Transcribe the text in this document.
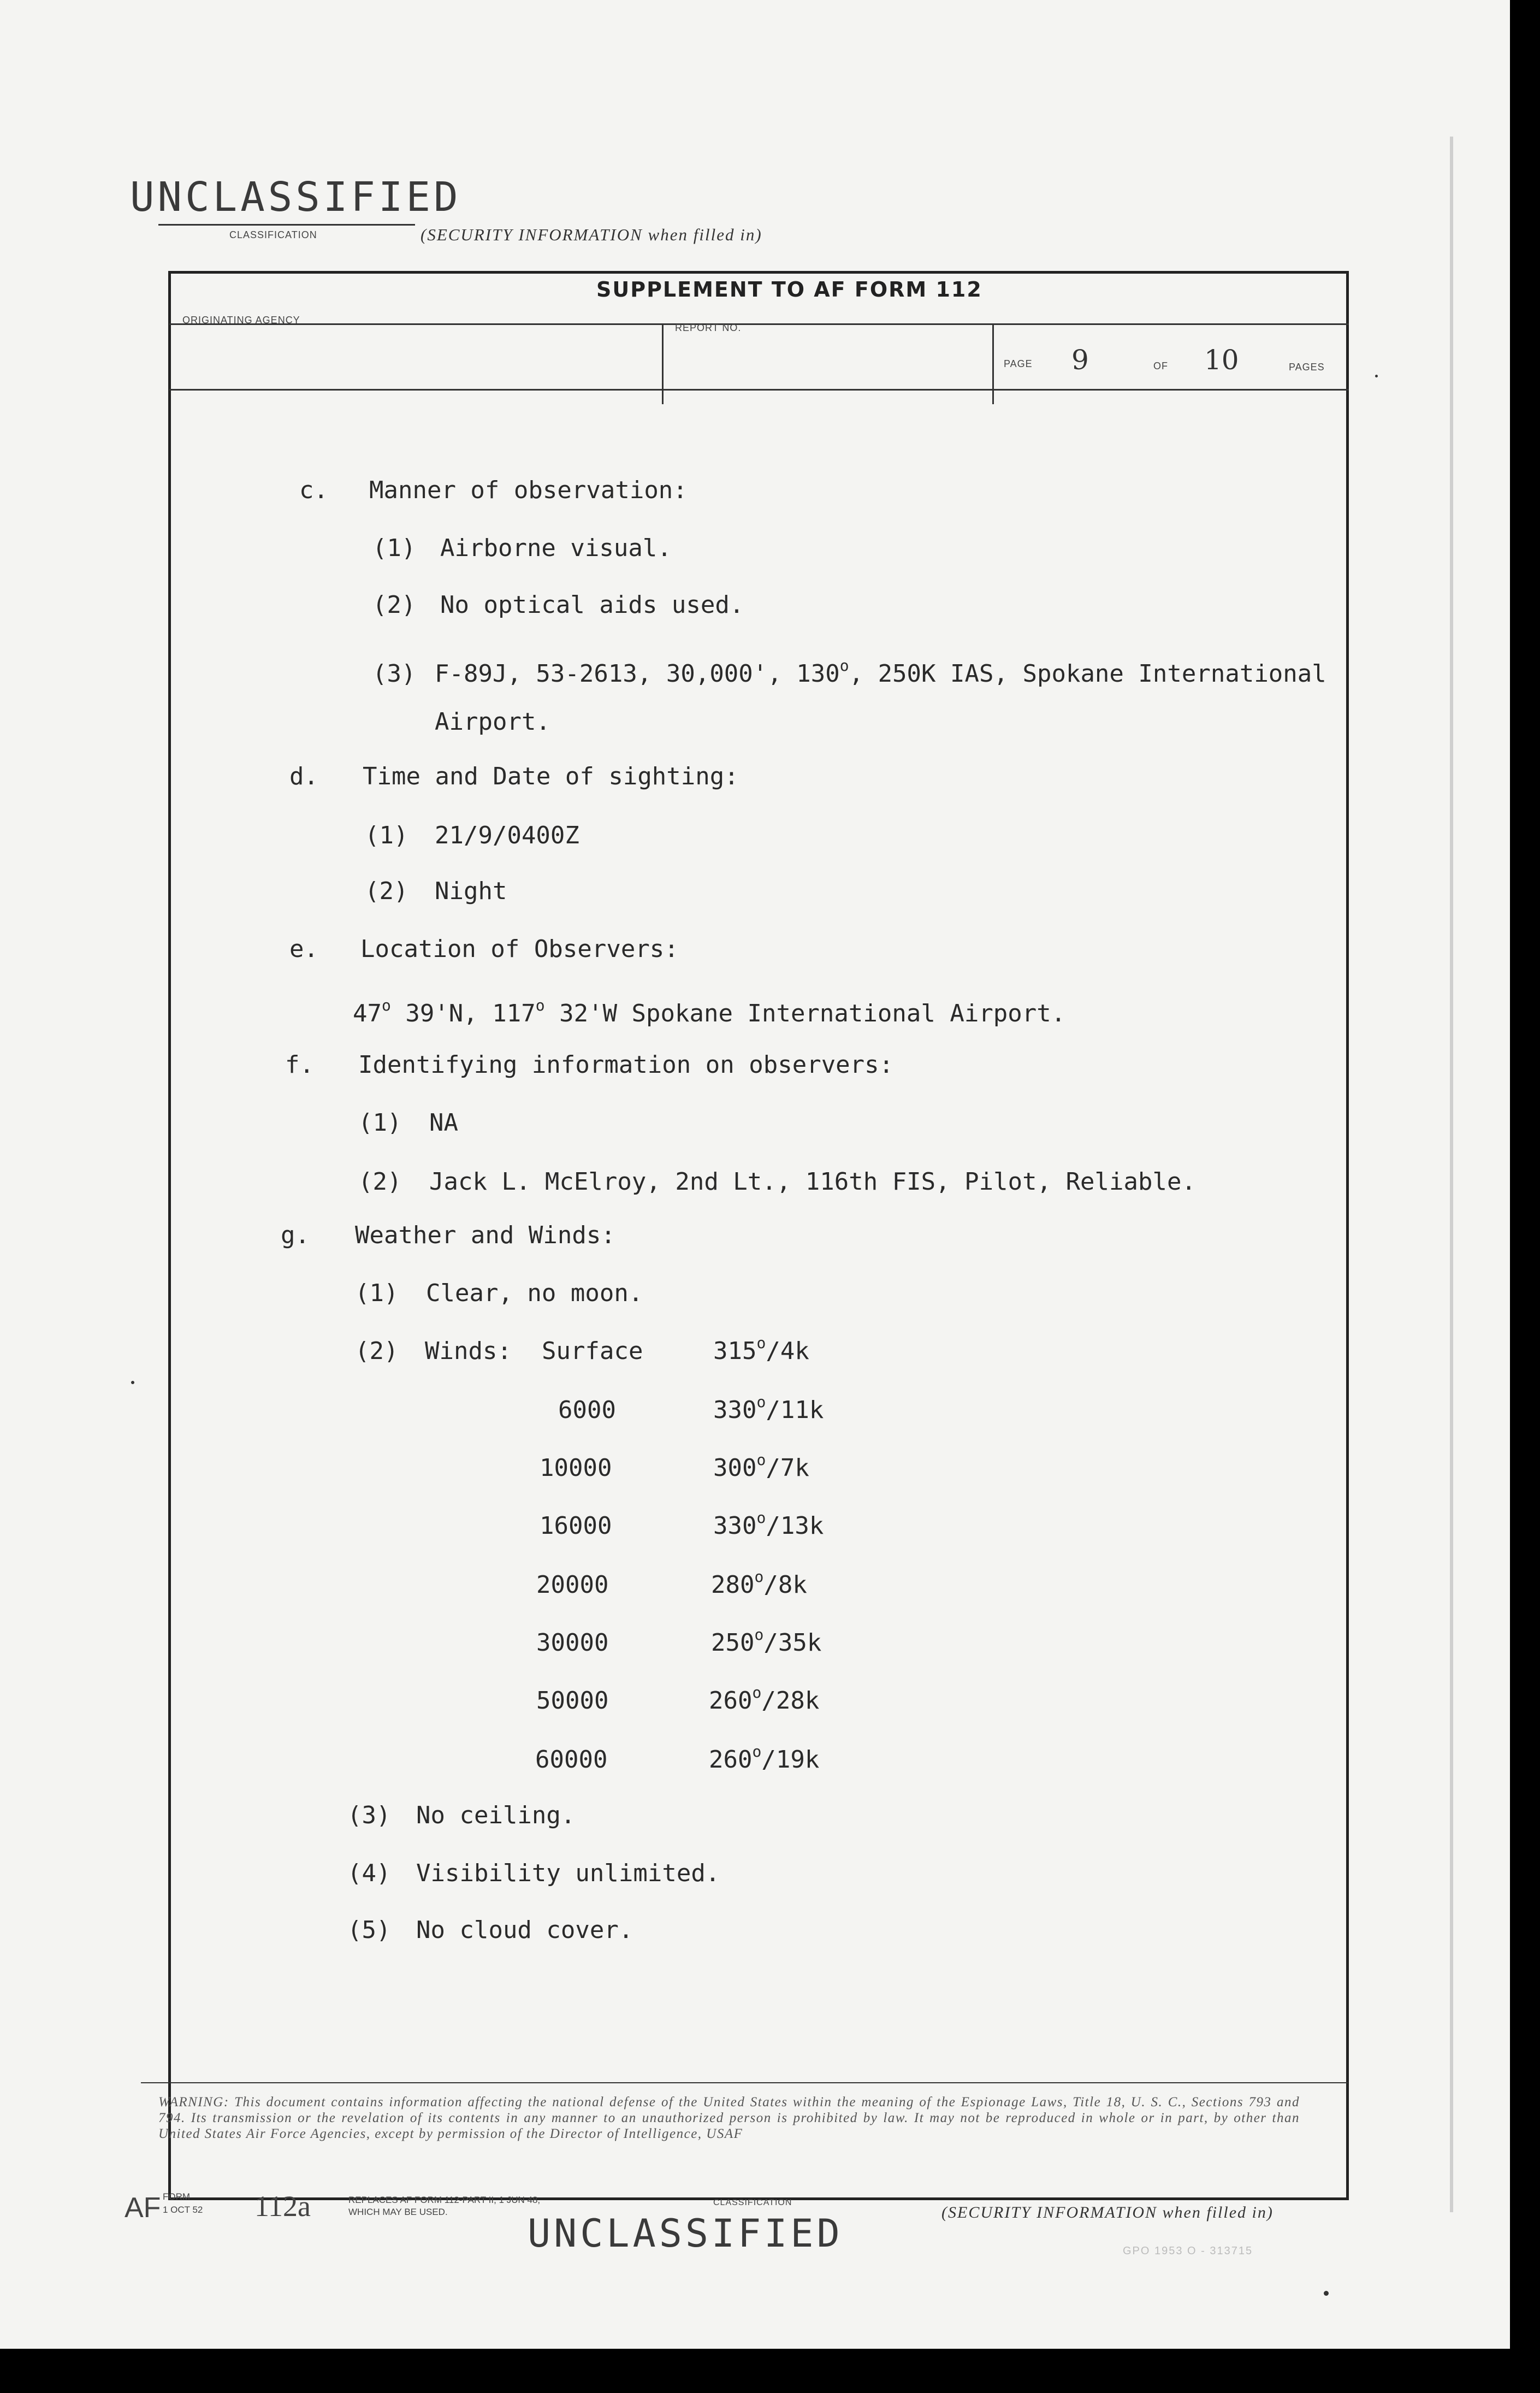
UNCLASSIFIED
CLASSIFICATION	(SECURITY INFORMATION when filled in)
SUPPLEMENT TO AF FORM 112
ORIGINATING AGENCY
REPORT NO.
PAGE 9	OF 10	PAGES
c. Manner of observation:
(1) Airborne visual.
(2) No optical aids used.
(3) F-89J, 53-2613, 30,000', 130$^o$, 250K IAS, Spokane International
Airport.
d. Time and Date of sighting:
(1) 21/9/0400Z
(2) Night
e. Location of Observers:
47$^o$ 39'N, 117$^o$ 32'W Spokane International Airport.
f. Identifying information on observers:
(1) NA
(2) Jack L. McElroy, 2nd Lt., 116th FIS, Pilot, Reliable.
g. Weather and Winds:
(1) Clear, no moon.
(2) Winds: Surface	315$^o$/4k
6000	330$^o$/11k
10000	300$^o$/7k
16000	330$^o$/13k
20000	280$^o$/8k
30000	250$^o$/35k
50000	260$^o$/28k
60000	260$^o$/19k
(3) No ceiling.
(4) Visibility unlimited.
(5) No cloud cover.
WARNING: This document contains information affecting the national defense of the United States within the meaning of the Espionage Laws, Title 18, U. S. C., Sections 793 and 794. Its transmission or the revelation of its contents in any manner to an unauthorized person is prohibited by law. It may not be reproduced in whole or in part, by other than United States Air Force Agencies, except by permission of the Director of Intelligence, USAF
AF FORM
1 OCT 52 112a	REPLACES AF FORM 112-PART II, 1 JUN 48,
WHICH MAY BE USED.
CLASSIFICATION
UNCLASSIFIED	(SECURITY INFORMATION when filled in)
GPO 1953 O - 313715
